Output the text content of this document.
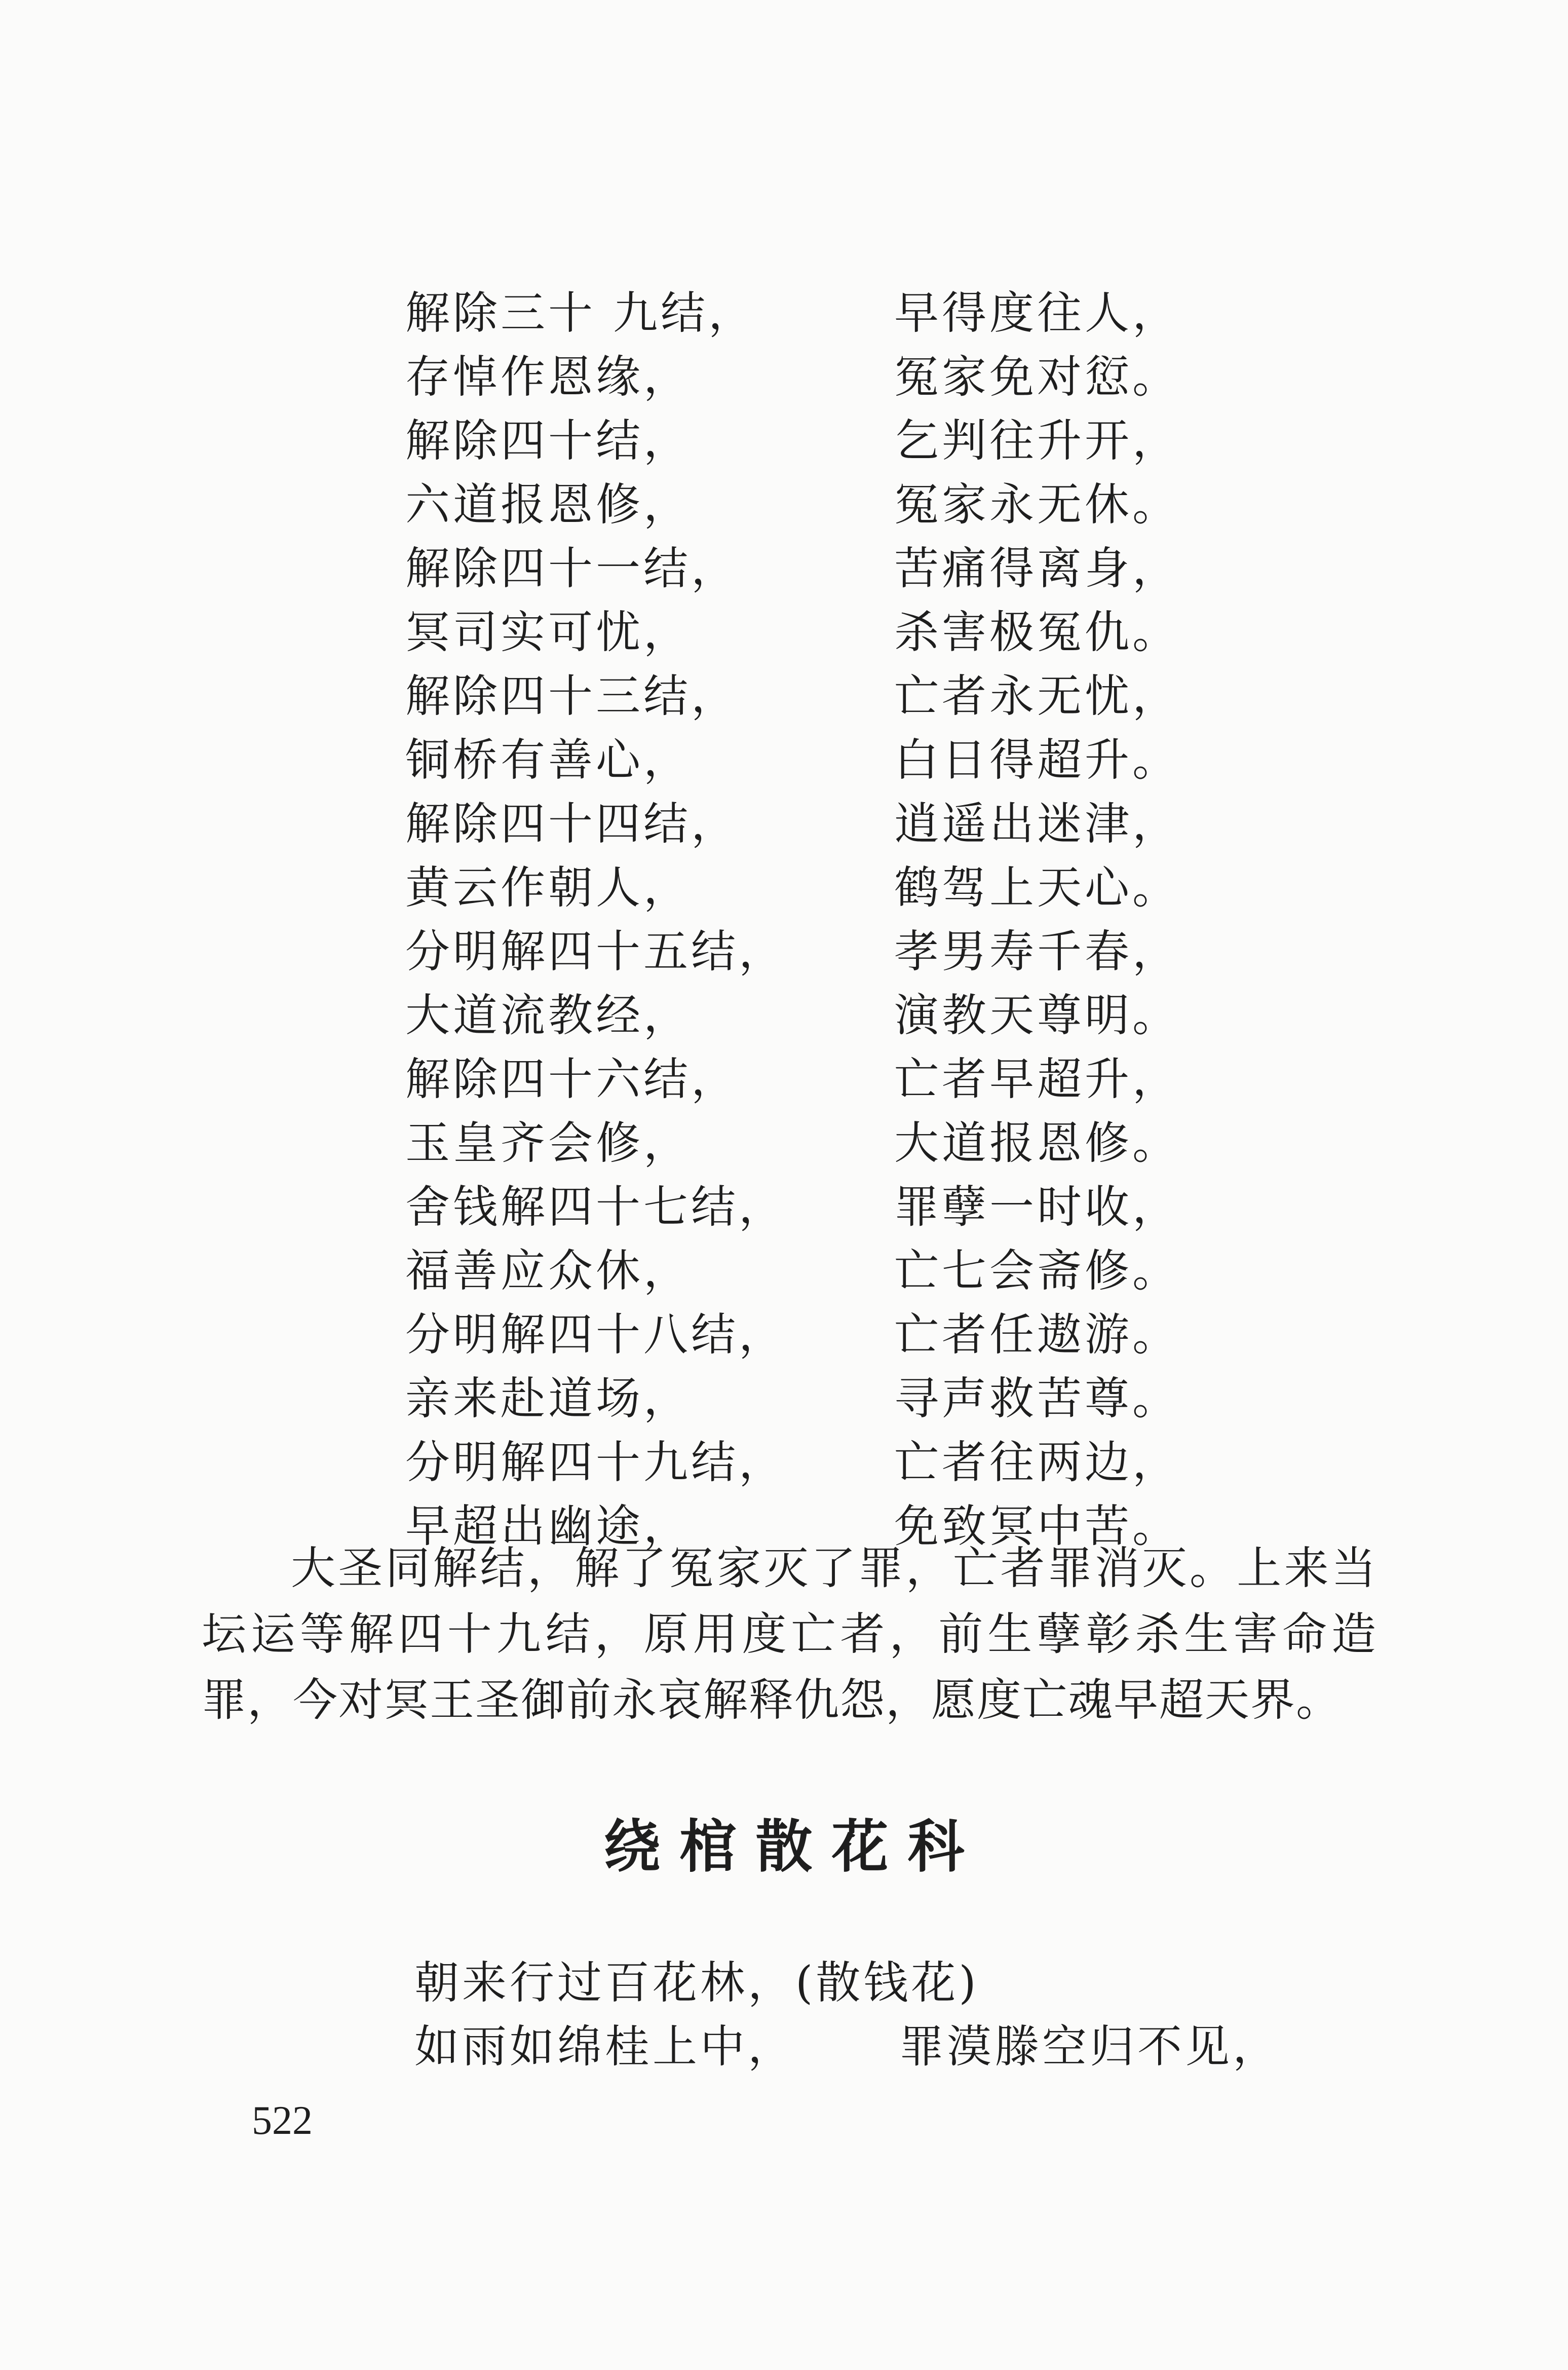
解除三十 九结，	早得度往人，
存悼作恩缘，	冤家免对愆。
解除四十结，	乞判往升开，
六道报恩修，	冤家永无休。
解除四十一结，	苦痛得离身，
冥司实可忧，	杀害极冤仇。
解除四十三结，	亡者永无忧，
铜桥有善心，	白日得超升。
解除四十四结，	逍遥出迷津，
黄云作朝人，	鹤驾上天心。
分明解四十五结， 孝男寿千春，
大道流教经，	演教天尊明。
解除四十六结，	亡者早超升，
玉皇齐会修，	大道报恩修。
舍钱解四十七结， 罪孽一时收，
福善应众休，	亡七会斋修。
分明解四十八结， 亡者任遨游。
亲来赴道场，	寻声救苦尊。
分明解四十九结， 亡者往两边，
早超出幽途，	免致冥中苦。
大圣同解结，解了冤家灭了罪，亡者罪消灭。上来当坛运等解四十九结，原用度亡者，前生孽彰杀生害命造罪，今对冥王圣御前永哀解释仇怨，愿度亡魂早超天界。
绕棺散花科
朝来行过百花林，(散钱花)
如雨如绵桂上中， 罪漠滕空归不见，
522
